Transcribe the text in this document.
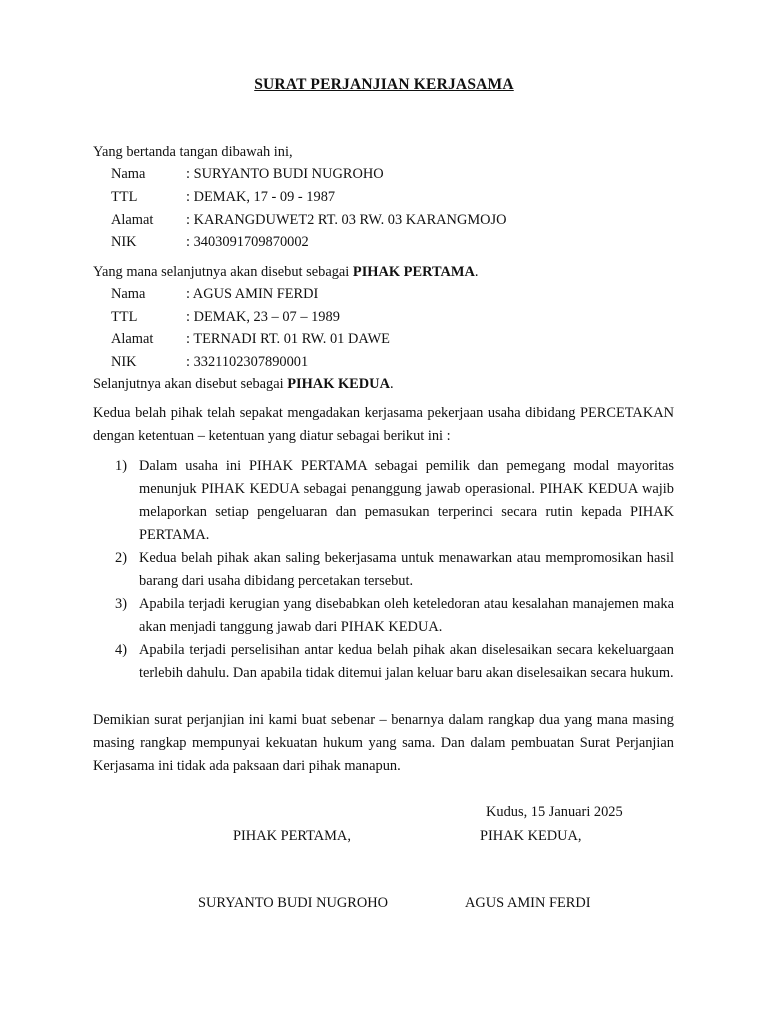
SURAT PERJANJIAN KERJASAMA
Yang bertanda tangan dibawah ini,
Nama	: SURYANTO BUDI NUGROHO
TTL	: DEMAK, 17 - 09 - 1987
Alamat : KARANGDUWET2 RT. 03 RW. 03 KARANGMOJO
NIK	: 3403091709870002
Yang mana selanjutnya akan disebut sebagai PIHAK PERTAMA.
Nama	: AGUS AMIN FERDI
TTL	: DEMAK, 23 – 07 – 1989
Alamat : TERNADI RT. 01 RW. 01 DAWE
NIK	: 3321102307890001
Selanjutnya akan disebut sebagai PIHAK KEDUA.
Kedua belah pihak telah sepakat mengadakan kerjasama pekerjaan usaha dibidang PERCETAKAN dengan ketentuan – ketentuan yang diatur sebagai berikut ini :
1) Dalam usaha ini PIHAK PERTAMA sebagai pemilik dan pemegang modal mayoritas menunjuk PIHAK KEDUA sebagai penanggung jawab operasional. PIHAK KEDUA wajib melaporkan setiap pengeluaran dan pemasukan terperinci secara rutin kepada PIHAK PERTAMA.
2) Kedua belah pihak akan saling bekerjasama untuk menawarkan atau mempromosikan hasil barang dari usaha dibidang percetakan tersebut.
3) Apabila terjadi kerugian yang disebabkan oleh keteledoran atau kesalahan manajemen maka akan menjadi tanggung jawab dari PIHAK KEDUA.
4) Apabila terjadi perselisihan antar kedua belah pihak akan diselesaikan secara kekeluargaan terlebih dahulu. Dan apabila tidak ditemui jalan keluar baru akan diselesaikan secara hukum.
Demikian surat perjanjian ini kami buat sebenar – benarnya dalam rangkap dua yang mana masing masing rangkap mempunyai kekuatan hukum yang sama. Dan dalam pembuatan Surat Perjanjian Kerjasama ini tidak ada paksaan dari pihak manapun.
Kudus, 15 Januari 2025
PIHAK PERTAMA,	PIHAK KEDUA,
SURYANTO BUDI NUGROHO	AGUS AMIN FERDI
